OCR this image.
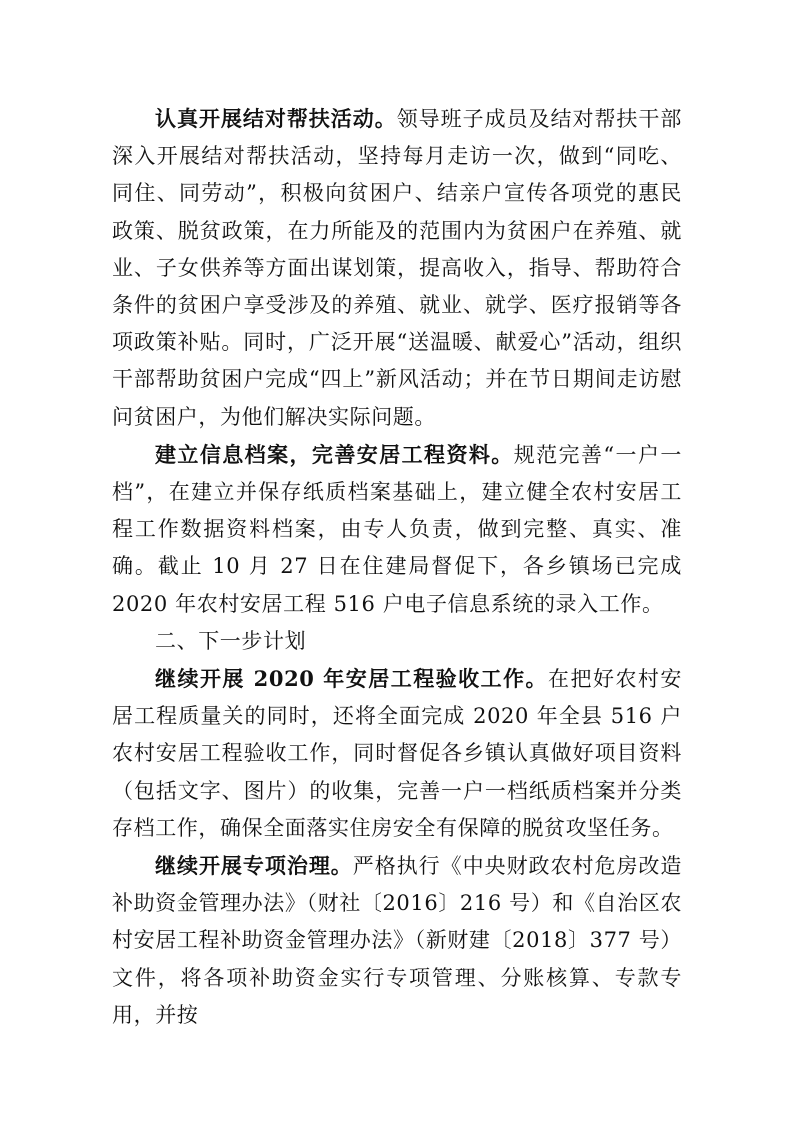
认真开展结对帮扶活动。领导班子成员及结对帮扶干部深入开展结对帮扶活动，坚持每月走访一次，做到“同吃、同住、同劳动”，积极向贫困户、结亲户宣传各项党的惠民政策、脱贫政策，在力所能及的范围内为贫困户在养殖、就业、子女供养等方面出谋划策，提高收入，指导、帮助符合条件的贫困户享受涉及的养殖、就业、就学、医疗报销等各项政策补贴。同时，广泛开展“送温暖、献爱心”活动，组织干部帮助贫困户完成“四上”新风活动；并在节日期间走访慰问贫困户，为他们解决实际问题。

建立信息档案，完善安居工程资料。规范完善“一户一档”，在建立并保存纸质档案基础上，建立健全农村安居工程工作数据资料档案，由专人负责，做到完整、真实、准确。截止 10 月 27 日在住建局督促下，各乡镇场已完成 2020 年农村安居工程 516 户电子信息系统的录入工作。

二、下一步计划

继续开展 2020 年安居工程验收工作。在把好农村安居工程质量关的同时，还将全面完成 2020 年全县 516 户农村安居工程验收工作，同时督促各乡镇认真做好项目资料（包括文字、图片）的收集，完善一户一档纸质档案并分类存档工作，确保全面落实住房安全有保障的脱贫攻坚任务。

继续开展专项治理。严格执行《中央财政农村危房改造补助资金管理办法》（财社〔2016〕216 号）和《自治区农村安居工程补助资金管理办法》（新财建〔2018〕377 号）文件，将各项补助资金实行专项管理、分账核算、专款专用，并按
